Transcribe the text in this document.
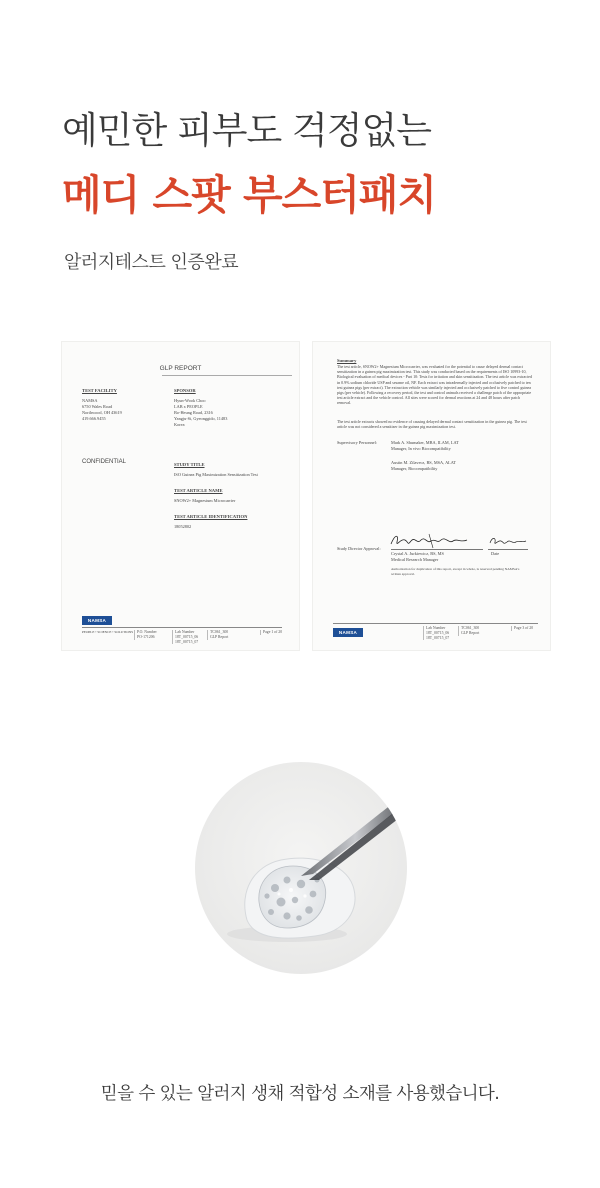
예민한 피부도 걱정없는
메디 스팟 부스터패치
알러지테스트 인증완료
GLP REPORT
TEST FACILITY
NAMSA
6750 Wales Road
Northwood, OH 43619
419.666.9455
SPONSOR
Hyun-Wook Choo
LAB x PEOPLE
Bo-Heung Road, 2316
Yangju-Si, Gyeonggido, 11483
Korea
CONFIDENTIAL	STUDY TITLE
ISO Guinea Pig Maximization Sensitization Test
TEST ARTICLE NAME
SNOW2+ Magnesium Microcarrier
TEST ARTICLE IDENTIFICATION
18052802
NAMSA
PEOPLE • SCIENCE • SOLUTIONS P.O. Number
PO-171206
Lab Number
18T_00715_06
18T_00715_07
TC061_300
GLP Report
Page 1 of 20
Summary
The test article, SNOW2+ Magnesium Microcarrier, was evaluated for the potential to cause delayed dermal contact sensitization in a guinea pig maximization test. This study was conducted based on the requirements of ISO 10993-10, Biological evaluation of medical devices - Part 10: Tests for irritation and skin sensitization. The test article was extracted in 0.9% sodium chloride USP and sesame oil, NF. Each extract was intradermally injected and occlusively patched to ten test guinea pigs (per extract). The extraction vehicle was similarly injected and occlusively patched to five control guinea pigs (per vehicle). Following a recovery period, the test and control animals received a challenge patch of the appropriate test article extract and the vehicle control. All sites were scored for dermal reactions at 24 and 48 hours after patch removal.
The test article extracts showed no evidence of causing delayed dermal contact sensitization in the guinea pig. The test article was not considered a sensitizer in the guinea pig maximization test.
Supervisory Personnel:	Mark A. Shumaker, MBA, ILAM, LAT
Manager, In vivo Biocompatibility
Austin M. Zilavecz, BS, MSA, ALAT
Manager, Biocompatibility
Study Director Approval:
Crystal A. Jurkiewicz, BS, MS
Medical Research Manager
Date
Authorization for duplication of this report, except in whole, is reserved pending NAMSA's written approval.
NAMSA
Lab Number
18T_00715_06
18T_00715_07
TC061_300
GLP Report
Page 3 of 20
믿을 수 있는 알러지 생채 적합성 소재를 사용했습니다.
